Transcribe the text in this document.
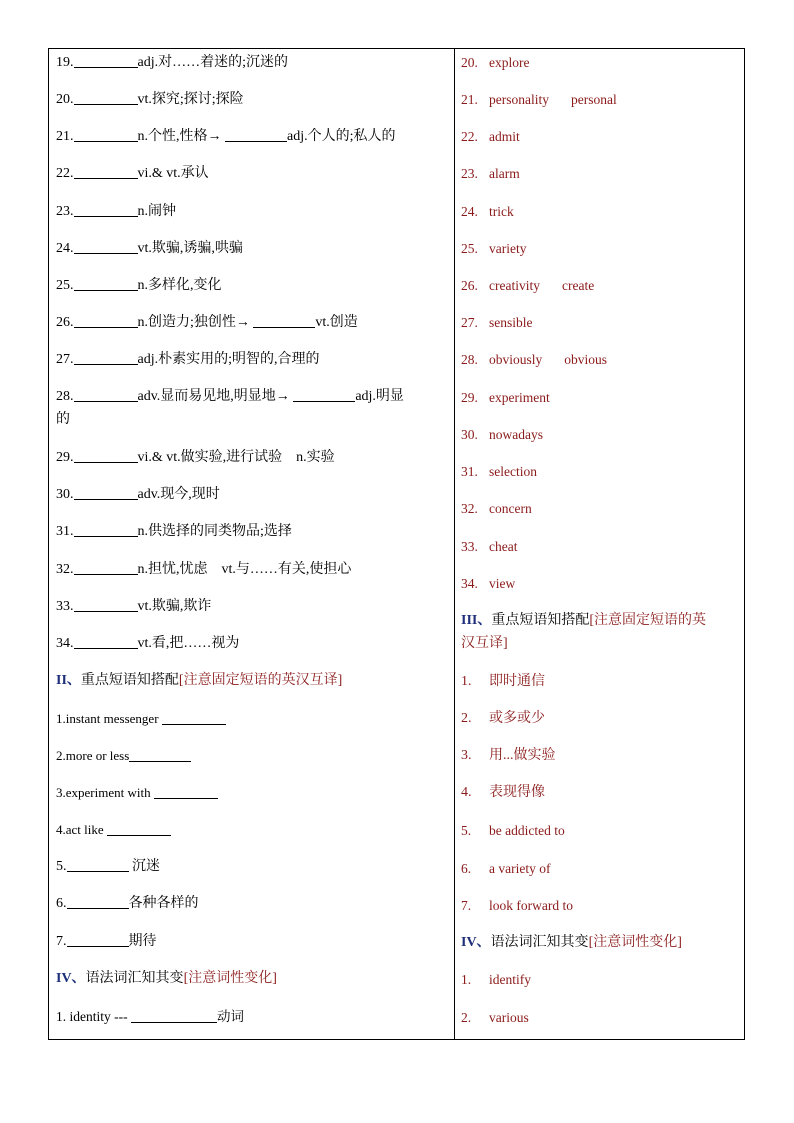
19.	adj.对……着迷的;沉迷的
20.	vt.探究;探讨;探险
21.	n.个性,性格→	adj.个人的;私人的
22.	vi.& vt.承认
23.	n.闹钟
24.	vt.欺骗,诱骗,哄骗
25.	n.多样化,变化
26.	n.创造力;独创性→	vt.创造
27.	adj.朴素实用的;明智的,合理的
28.	adv.显而易见地,明显地→	adj.明显
的
29.	vi.& vt.做实验,进行试验 n.实验
30.	adv.现今,现时
31.	n.供选择的同类物品;选择
32.	n.担忧,忧虑 vt.与……有关,使担心
33.	vt.欺骗,欺诈
34.	vt.看,把……视为
II、重点短语知搭配[注意固定短语的英汉互译]
1.instant messenger
2.more or less
3.experiment with
4.act like
5.	沉迷
6.	各种各样的
7.	期待
IV、语法词汇知其变[注意词性变化]
1. identity ---	动词
20. explore
21. personality personal
22. admit
23. alarm
24. trick
25. variety
26. creativity create
27. sensible
28. obviously obvious
29. experiment
30. nowadays
31. selection
32. concern
33. cheat
34. view
III、重点短语知搭配[注意固定短语的英
汉互译]
1. 即时通信
2. 或多或少
3. 用...做实验
4. 表现得像
5. be addicted to
6. a variety of
7. look forward to
IV、语法词汇知其变[注意词性变化]
1. identify
2. various
